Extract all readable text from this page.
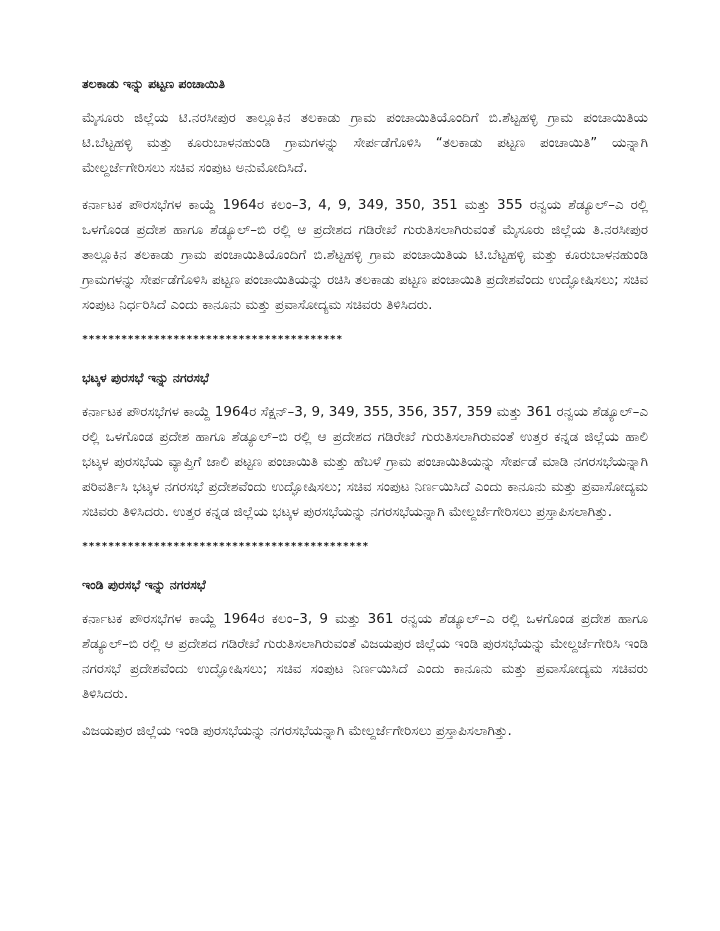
ತಲಕಾಡು ಇನ್ನು ಪಟ್ಟಣ ಪಂಚಾಯಿತಿ

ಮೈಸೂರು ಜಿಲ್ಲೆಯ ಟಿ.ನರಸೀಪುರ ತಾಲ್ಲೂಕಿನ ತಲಕಾಡು ಗ್ರಾಮ ಪಂಚಾಯಿತಿಯೊಂದಿಗೆ ಬಿ.ಶೆಟ್ಟಹಳ್ಳಿ ಗ್ರಾಮ ಪಂಚಾಯಿತಿಯ ಟಿ.ಬೆಟ್ಟಹಳ್ಳಿ ಮತ್ತು ಕೂರುಬಾಳನಹುಂಡಿ ಗ್ರಾಮಗಳನ್ನು ಸೇರ್ಪಡೆಗೊಳಿಸಿ “ತಲಕಾಡು ಪಟ್ಟಣ ಪಂಚಾಯಿತಿ” ಯನ್ನಾಗಿ ಮೇಲ್ದರ್ಜೆಗೇರಿಸಲು ಸಚಿವ ಸಂಪುಟ ಅನುಮೋದಿಸಿದೆ.

ಕರ್ನಾಟಕ ಪೌರಸಭೆಗಳ ಕಾಯ್ದೆ 1964ರ ಕಲಂ–3, 4, 9, 349, 350, 351 ಮತ್ತು 355 ರನ್ವಯ ಶೆಡ್ಯೂಲ್–ಎ ರಲ್ಲಿ ಒಳಗೊಂಡ ಪ್ರದೇಶ ಹಾಗೂ ಶೆಡ್ಯೂಲ್–ಬಿ ರಲ್ಲಿ ಆ ಪ್ರದೇಶದ ಗಡಿರೇಖೆ ಗುರುತಿಸಲಾಗಿರುವಂತೆ ಮೈಸೂರು ಜಿಲ್ಲೆಯ ತಿ.ನರಸೀಪುರ ತಾಲ್ಲೂಕಿನ ತಲಕಾಡು ಗ್ರಾಮ ಪಂಚಾಯಿತಿಯೊಂದಿಗೆ ಬಿ.ಶೆಟ್ಟಹಳ್ಳಿ ಗ್ರಾಮ ಪಂಚಾಯಿತಿಯ ಟಿ.ಬೆಟ್ಟಹಳ್ಳಿ ಮತ್ತು ಕೂರುಬಾಳನಹುಂಡಿ ಗ್ರಾಮಗಳನ್ನು ಸೇರ್ಪಡೆಗೊಳಿಸಿ ಪಟ್ಟಣ ಪಂಚಾಯಿತಿಯನ್ನು ರಚಿಸಿ ತಲಕಾಡು ಪಟ್ಟಣ ಪಂಚಾಯಿತಿ ಪ್ರದೇಶವೆಂದು ಉದ್ಘೋಷಿಸಲು; ಸಚಿವ ಸಂಪುಟ ನಿರ್ಧರಿಸಿದೆ ಎಂದು ಕಾನೂನು ಮತ್ತು ಪ್ರವಾಸೋದ್ಯಮ ಸಚಿವರು ತಿಳಿಸಿದರು.

****************************************
ಭಟ್ಕಳ ಪುರಸಭೆ ಇನ್ನು ನಗರಸಭೆ

ಕರ್ನಾಟಕ ಪೌರಸಭೆಗಳ ಕಾಯ್ದೆ 1964ರ ಸೆಕ್ಷನ್–3, 9, 349, 355, 356, 357, 359 ಮತ್ತು 361 ರನ್ವಯ ಶೆಡ್ಯೂಲ್–ಎ ರಲ್ಲಿ ಒಳಗೊಂಡ ಪ್ರದೇಶ ಹಾಗೂ ಶೆಡ್ಯೂಲ್–ಬಿ ರಲ್ಲಿ ಆ ಪ್ರದೇಶದ ಗಡಿರೇಖೆ ಗುರುತಿಸಲಾಗಿರುವಂತೆ ಉತ್ತರ ಕನ್ನಡ ಜಿಲ್ಲೆಯ ಹಾಲಿ ಭಟ್ಕಳ ಪುರಸಭೆಯ ವ್ಯಾಪ್ತಿಗೆ ಜಾಲಿ ಪಟ್ಟಣ ಪಂಚಾಯಿತಿ ಮತ್ತು ಹೆಬಳೆ ಗ್ರಾಮ ಪಂಚಾಯಿತಿಯನ್ನು ಸೇರ್ಪಡೆ ಮಾಡಿ ನಗರಸಭೆಯನ್ನಾಗಿ ಪರಿವರ್ತಿಸಿ ಭಟ್ಕಳ ನಗರಸಭೆ ಪ್ರದೇಶವೆಂದು ಉದ್ಘೋಷಿಸಲು; ಸಚಿವ ಸಂಪುಟ ನಿರ್ಣಯಿಸಿದೆ ಎಂದು ಕಾನೂನು ಮತ್ತು ಪ್ರವಾಸೋದ್ಯಮ ಸಚಿವರು ತಿಳಿಸಿದರು. ಉತ್ತರ ಕನ್ನಡ ಜಿಲ್ಲೆಯ ಭಟ್ಕಳ ಪುರಸಭೆಯನ್ನು ನಗರಸಭೆಯನ್ನಾಗಿ ಮೇಲ್ದರ್ಜೆಗೇರಿಸಲು ಪ್ರಸ್ತಾಪಿಸಲಾಗಿತ್ತು.

********************************************
ಇಂಡಿ ಪುರಸಭೆ ಇನ್ನು ನಗರಸಭೆ

ಕರ್ನಾಟಕ ಪೌರಸಭೆಗಳ ಕಾಯ್ದೆ 1964ರ ಕಲಂ–3, 9 ಮತ್ತು 361 ರನ್ವಯ ಶೆಡ್ಯೂಲ್–ಎ ರಲ್ಲಿ ಒಳಗೊಂಡ ಪ್ರದೇಶ ಹಾಗೂ ಶೆಡ್ಯೂಲ್–ಬಿ ರಲ್ಲಿ ಆ ಪ್ರದೇಶದ ಗಡಿರೇಖೆ ಗುರುತಿಸಲಾಗಿರುವಂತೆ ವಿಜಯಪುರ ಜಿಲ್ಲೆಯ ಇಂಡಿ ಪುರಸಭೆಯನ್ನು ಮೇಲ್ದರ್ಜೆಗೇರಿಸಿ ಇಂಡಿ ನಗರಸಭೆ ಪ್ರದೇಶವೆಂದು ಉದ್ಘೋಷಿಸಲು; ಸಚಿವ ಸಂಪುಟ ನಿರ್ಣಯಿಸಿದೆ ಎಂದು ಕಾನೂನು ಮತ್ತು ಪ್ರವಾಸೋದ್ಯಮ ಸಚಿವರು ತಿಳಿಸಿದರು.

ವಿಜಯಪುರ ಜಿಲ್ಲೆಯ ಇಂಡಿ ಪುರಸಭೆಯನ್ನು ನಗರಸಭೆಯನ್ನಾಗಿ ಮೇಲ್ದರ್ಜೆಗೇರಿಸಲು ಪ್ರಸ್ತಾಪಿಸಲಾಗಿತ್ತು.
